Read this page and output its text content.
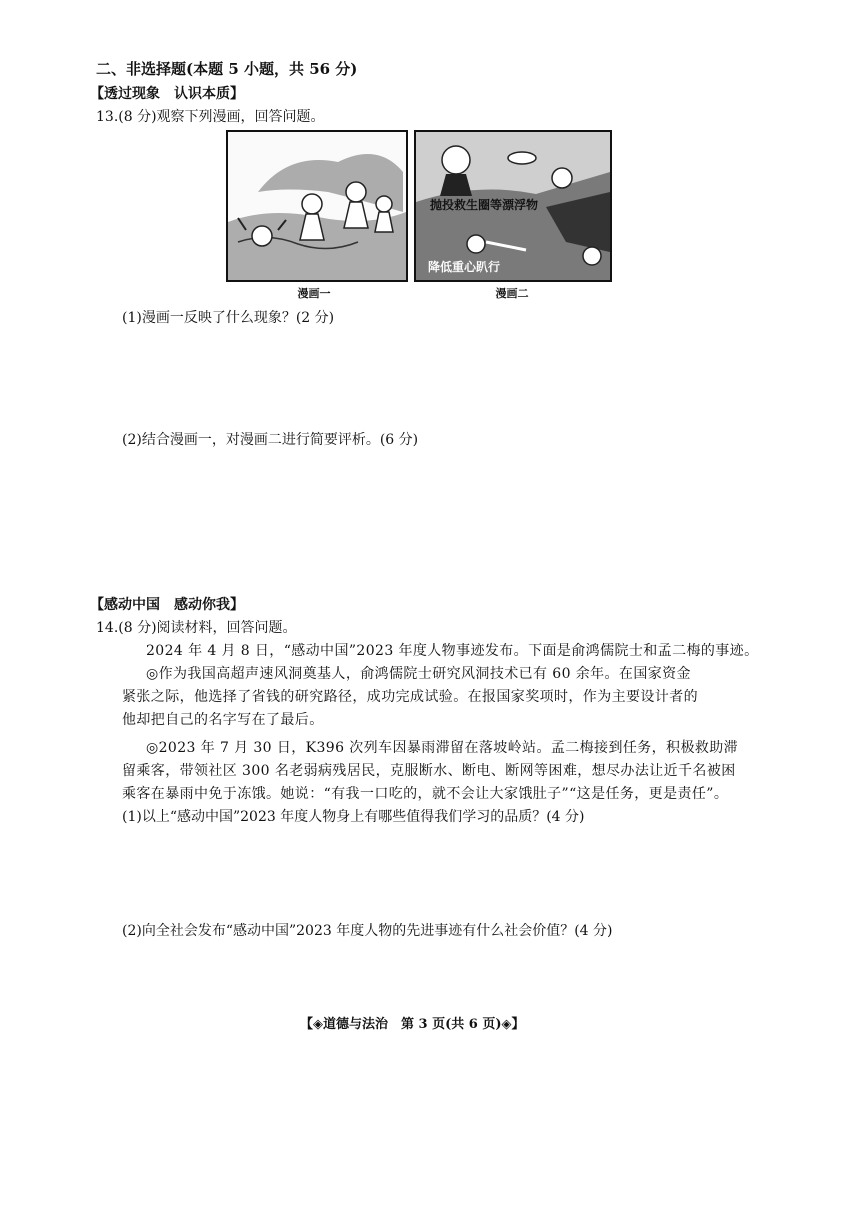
二、非选择题(本题 5 小题，共 56 分)
【透过现象　认识本质】
13.(8 分)观察下列漫画，回答问题。
漫画一
抛投救生圈等漂浮物
降低重心趴行
漫画二
(1)漫画一反映了什么现象？(2 分)
(2)结合漫画一，对漫画二进行简要评析。(6 分)
【感动中国　感动你我】
14.(8 分)阅读材料，回答问题。
2024 年 4 月 8 日，“感动中国”2023 年度人物事迹发布。下面是俞鸿儒院士和孟二梅的事迹。
◎作为我国高超声速风洞奠基人，俞鸿儒院士研究风洞技术已有 60 余年。在国家资金
紧张之际，他选择了省钱的研究路径，成功完成试验。在报国家奖项时，作为主要设计者的
他却把自己的名字写在了最后。
◎2023 年 7 月 30 日，K396 次列车因暴雨滞留在落坡岭站。孟二梅接到任务，积极救助滞
留乘客，带领社区 300 名老弱病残居民，克服断水、断电、断网等困难，想尽办法让近千名被困
乘客在暴雨中免于冻饿。她说：“有我一口吃的，就不会让大家饿肚子”“这是任务，更是责任”。
(1)以上“感动中国”2023 年度人物身上有哪些值得我们学习的品质？(4 分)
(2)向全社会发布“感动中国”2023 年度人物的先进事迹有什么社会价值？(4 分)
【◈道德与法治　第 3 页(共 6 页)◈】
